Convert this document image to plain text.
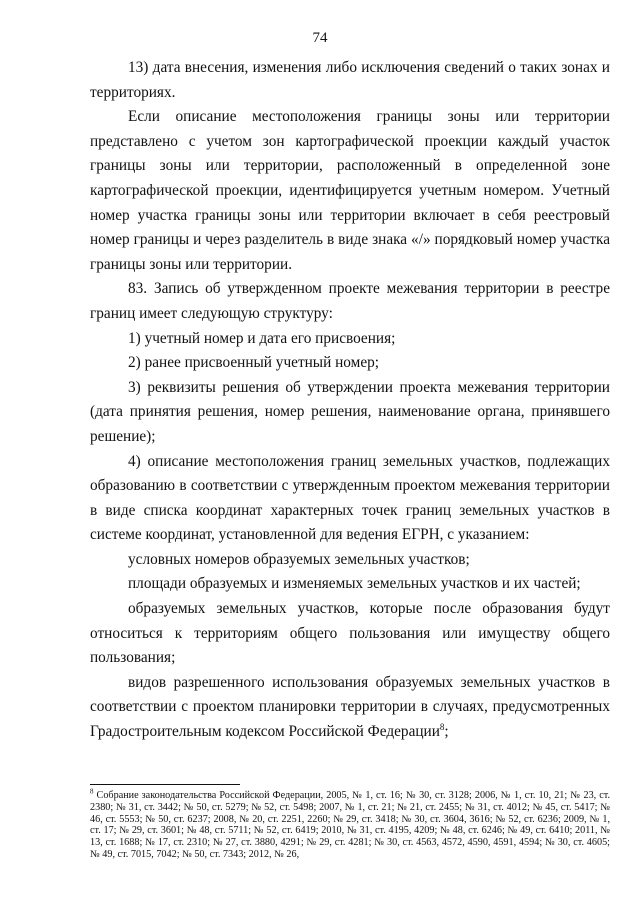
74

13) дата внесения, изменения либо исключения сведений о таких зонах и территориях.

Если описание местоположения границы зоны или территории представлено с учетом зон картографической проекции каждый участок границы зоны или территории, расположенный в определенной зоне картографической проекции, идентифицируется учетным номером. Учетный номер участка границы зоны или территории включает в себя реестровый номер границы и через разделитель в виде знака «/» порядковый номер участка границы зоны или территории.

83. Запись об утвержденном проекте межевания территории в реестре границ имеет следующую структуру:

1) учетный номер и дата его присвоения;

2) ранее присвоенный учетный номер;

3) реквизиты решения об утверждении проекта межевания территории (дата принятия решения, номер решения, наименование органа, принявшего решение);

4) описание местоположения границ земельных участков, подлежащих образованию в соответствии с утвержденным проектом межевания территории в виде списка координат характерных точек границ земельных участков в системе координат, установленной для ведения ЕГРН, с указанием:

условных номеров образуемых земельных участков;

площади образуемых и изменяемых земельных участков и их частей;

образуемых земельных участков, которые после образования будут относиться к территориям общего пользования или имуществу общего пользования;

видов разрешенного использования образуемых земельных участков в соответствии с проектом планировки территории в случаях, предусмотренных Градостроительным кодексом Российской Федерации$^8$;

$^8$ Собрание законодательства Российской Федерации, 2005, № 1, ст. 16; № 30, ст. 3128; 2006, № 1, ст. 10, 21; № 23, ст. 2380; № 31, ст. 3442; № 50, ст. 5279; № 52, ст. 5498; 2007, № 1, ст. 21; № 21, ст. 2455; № 31, ст. 4012; № 45, ст. 5417; № 46, ст. 5553; № 50, ст. 6237; 2008, № 20, ст. 2251, 2260; № 29, ст. 3418; № 30, ст. 3604, 3616; № 52, ст. 6236; 2009, № 1, ст. 17; № 29, ст. 3601; № 48, ст. 5711; № 52, ст. 6419; 2010, № 31, ст. 4195, 4209; № 48, ст. 6246; № 49, ст. 6410; 2011, № 13, ст. 1688; № 17, ст. 2310; № 27, ст. 3880, 4291; № 29, ст. 4281; № 30, ст. 4563, 4572, 4590, 4591, 4594; № 30, ст. 4605; № 49, ст. 7015, 7042; № 50, ст. 7343; 2012, № 26,
